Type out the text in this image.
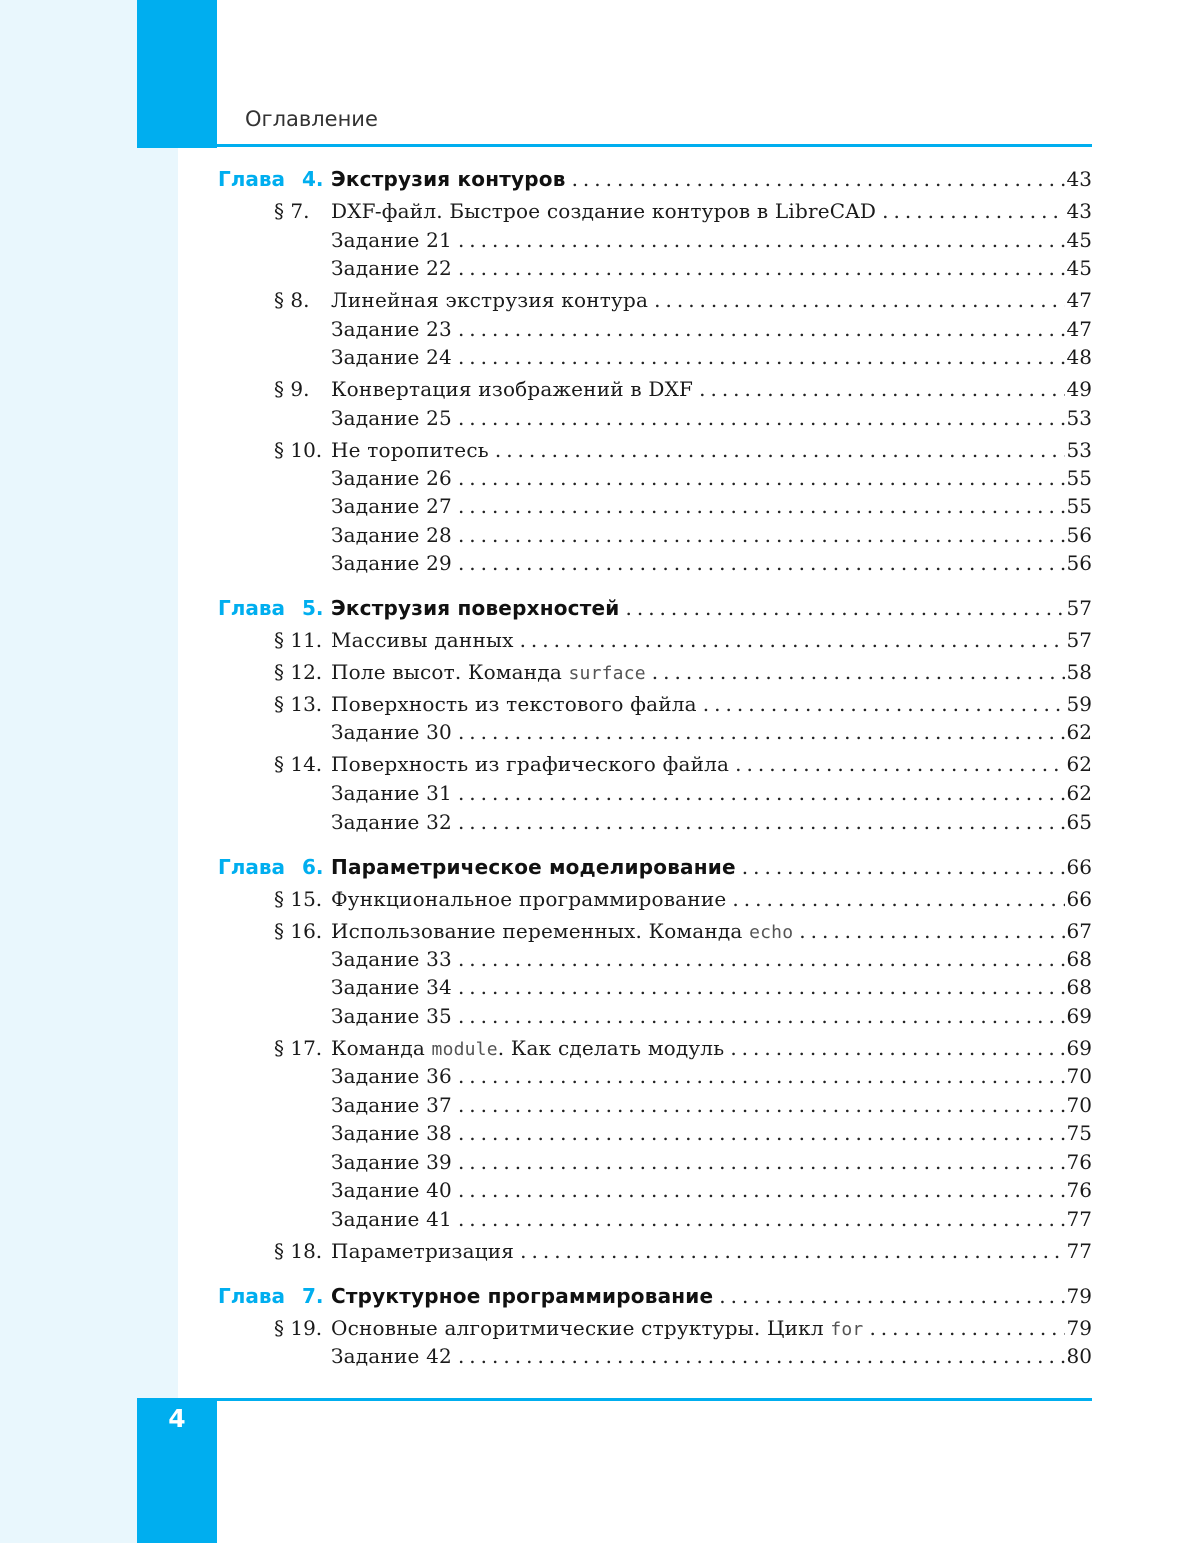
Оглавление
4
Глава 4. Экструзия контуров .....	43
§ 7. DXF-файл. Быстрое создание контуров в LibreCAD .....	43
Задание 21 .....	45
Задание 22 .....	45
§ 8. Линейная экструзия контура .....	47
Задание 23 .....	47
Задание 24 .....	48
§ 9. Конвертация изображений в DXF .....	49
Задание 25 .....	53
§ 10. Не торопитесь .....	53
Задание 26 .....	55
Задание 27 .....	55
Задание 28 .....	56
Задание 29 .....	56
Глава 5. Экструзия поверхностей .....	57
§ 11. Массивы данных .....	57
§ 12. Поле высот. Команда surface .....	58
§ 13. Поверхность из текстового файла .....	59
Задание 30 .....	62
§ 14. Поверхность из графического файла .....	62
Задание 31 .....	62
Задание 32 .....	65
Глава 6. Параметрическое моделирование .....	66
§ 15. Функциональное программирование .....	66
§ 16. Использование переменных. Команда echo .....	67
Задание 33 .....	68
Задание 34 .....	68
Задание 35 .....	69
§ 17. Команда module. Как сделать модуль .....	69
Задание 36 .....	70
Задание 37 .....	70
Задание 38 .....	75
Задание 39 .....	76
Задание 40 .....	76
Задание 41 .....	77
§ 18. Параметризация .....	77
Глава 7. Структурное программирование .....	79
§ 19. Основные алгоритмические структуры. Цикл for .....	79
Задание 42 .....	80
